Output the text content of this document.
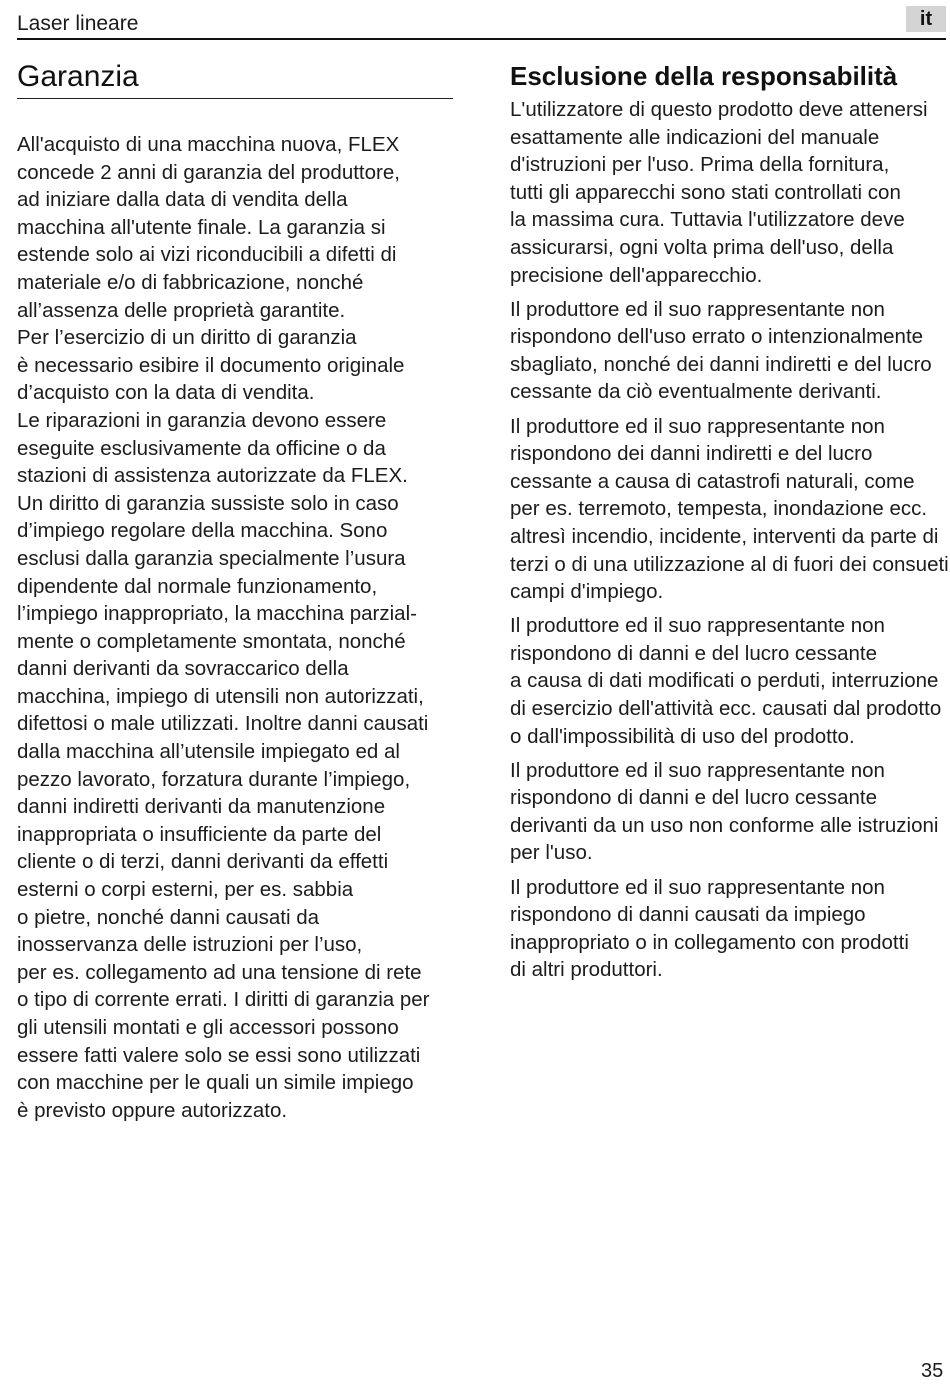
Laser lineare	it
Garanzia
All'acquisto di una macchina nuova, FLEX
concede 2 anni di garanzia del produttore,
ad iniziare dalla data di vendita della
macchina all'utente finale. La garanzia si
estende solo ai vizi riconducibili a difetti di
materiale e/o di fabbricazione, nonché
all’assenza delle proprietà garantite.
Per l’esercizio di un diritto di garanzia
è necessario esibire il documento originale
d’acquisto con la data di vendita.
Le riparazioni in garanzia devono essere
eseguite esclusivamente da officine o da
stazioni di assistenza autorizzate da FLEX.
Un diritto di garanzia sussiste solo in caso
d’impiego regolare della macchina. Sono
esclusi dalla garanzia specialmente l’usura
dipendente dal normale funzionamento,
l’impiego inappropriato, la macchina parzial-
mente o completamente smontata, nonché
danni derivanti da sovraccarico della
macchina, impiego di utensili non autorizzati,
difettosi o male utilizzati. Inoltre danni causati
dalla macchina all’utensile impiegato ed al
pezzo lavorato, forzatura durante l’impiego,
danni indiretti derivanti da manutenzione
inappropriata o insufficiente da parte del
cliente o di terzi, danni derivanti da effetti
esterni o corpi esterni, per es. sabbia
o pietre, nonché danni causati da
inosservanza delle istruzioni per l’uso,
per es. collegamento ad una tensione di rete
o tipo di corrente errati. I diritti di garanzia per
gli utensili montati e gli accessori possono
essere fatti valere solo se essi sono utilizzati
con macchine per le quali un simile impiego
è previsto oppure autorizzato.
Esclusione della responsabilità

L'utilizzatore di questo prodotto deve attenersi
esattamente alle indicazioni del manuale
d'istruzioni per l'uso. Prima della fornitura,
tutti gli apparecchi sono stati controllati con
la massima cura. Tuttavia l'utilizzatore deve
assicurarsi, ogni volta prima dell'uso, della
precisione dell'apparecchio.

Il produttore ed il suo rappresentante non
rispondono dell'uso errato o intenzionalmente
sbagliato, nonché dei danni indiretti e del lucro
cessante da ciò eventualmente derivanti.

Il produttore ed il suo rappresentante non
rispondono dei danni indiretti e del lucro
cessante a causa di catastrofi naturali, come
per es. terremoto, tempesta, inondazione ecc.
altresì incendio, incidente, interventi da parte di
terzi o di una utilizzazione al di fuori dei consueti
campi d'impiego.

Il produttore ed il suo rappresentante non
rispondono di danni e del lucro cessante
a causa di dati modificati o perduti, interruzione
di esercizio dell'attività ecc. causati dal prodotto
o dall'impossibilità di uso del prodotto.

Il produttore ed il suo rappresentante non
rispondono di danni e del lucro cessante
derivanti da un uso non conforme alle istruzioni
per l'uso.

Il produttore ed il suo rappresentante non
rispondono di danni causati da impiego
inappropriato o in collegamento con prodotti
di altri produttori.

35
